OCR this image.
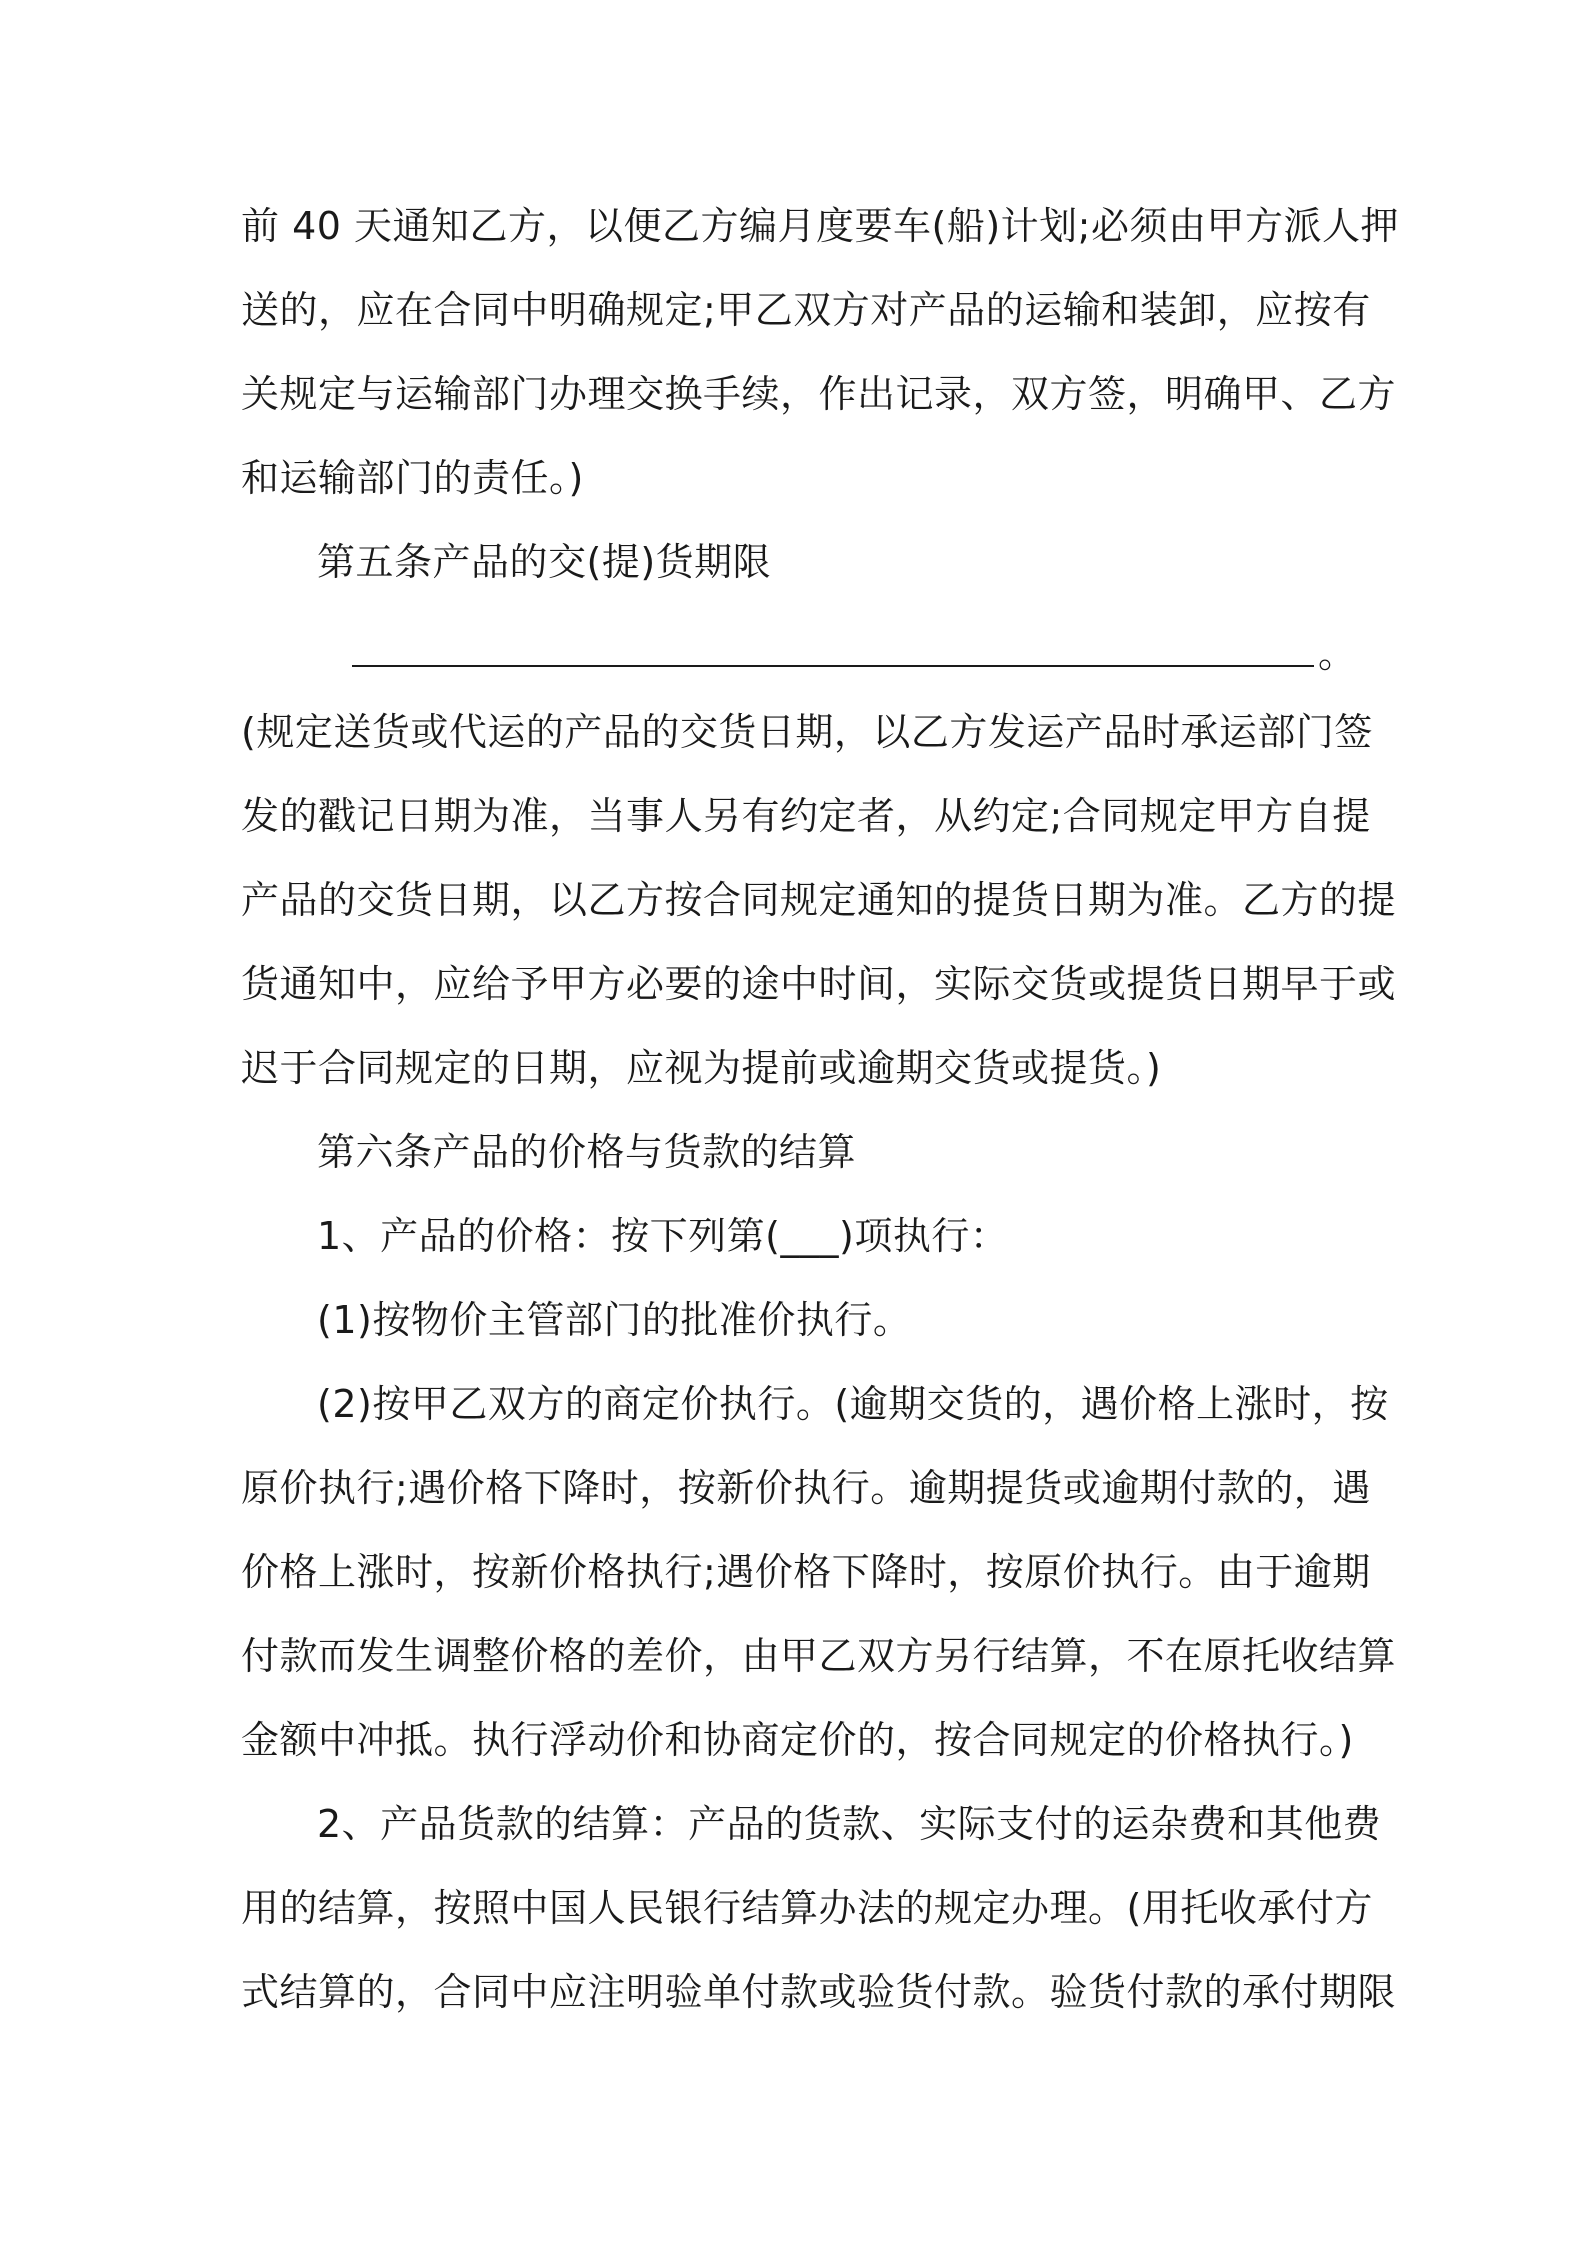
前 40 天通知乙方，以便乙方编月度要车(船)计划;必须由甲方派人押
送的，应在合同中明确规定;甲乙双方对产品的运输和装卸，应按有
关规定与运输部门办理交换手续，作出记录，双方签，明确甲、乙方
和运输部门的责任。)
第五条产品的交(提)货期限
。
(规定送货或代运的产品的交货日期，以乙方发运产品时承运部门签
发的戳记日期为准，当事人另有约定者，从约定;合同规定甲方自提
产品的交货日期，以乙方按合同规定通知的提货日期为准。乙方的提
货通知中，应给予甲方必要的途中时间，实际交货或提货日期早于或
迟于合同规定的日期，应视为提前或逾期交货或提货。)
第六条产品的价格与货款的结算
1、产品的价格：按下列第(___)项执行：
(1)按物价主管部门的批准价执行。
(2)按甲乙双方的商定价执行。(逾期交货的，遇价格上涨时，按
原价执行;遇价格下降时，按新价执行。逾期提货或逾期付款的，遇
价格上涨时，按新价格执行;遇价格下降时，按原价执行。由于逾期
付款而发生调整价格的差价，由甲乙双方另行结算，不在原托收结算
金额中冲抵。执行浮动价和协商定价的，按合同规定的价格执行。)
2、产品货款的结算：产品的货款、实际支付的运杂费和其他费
用的结算，按照中国人民银行结算办法的规定办理。(用托收承付方
式结算的，合同中应注明验单付款或验货付款。验货付款的承付期限
